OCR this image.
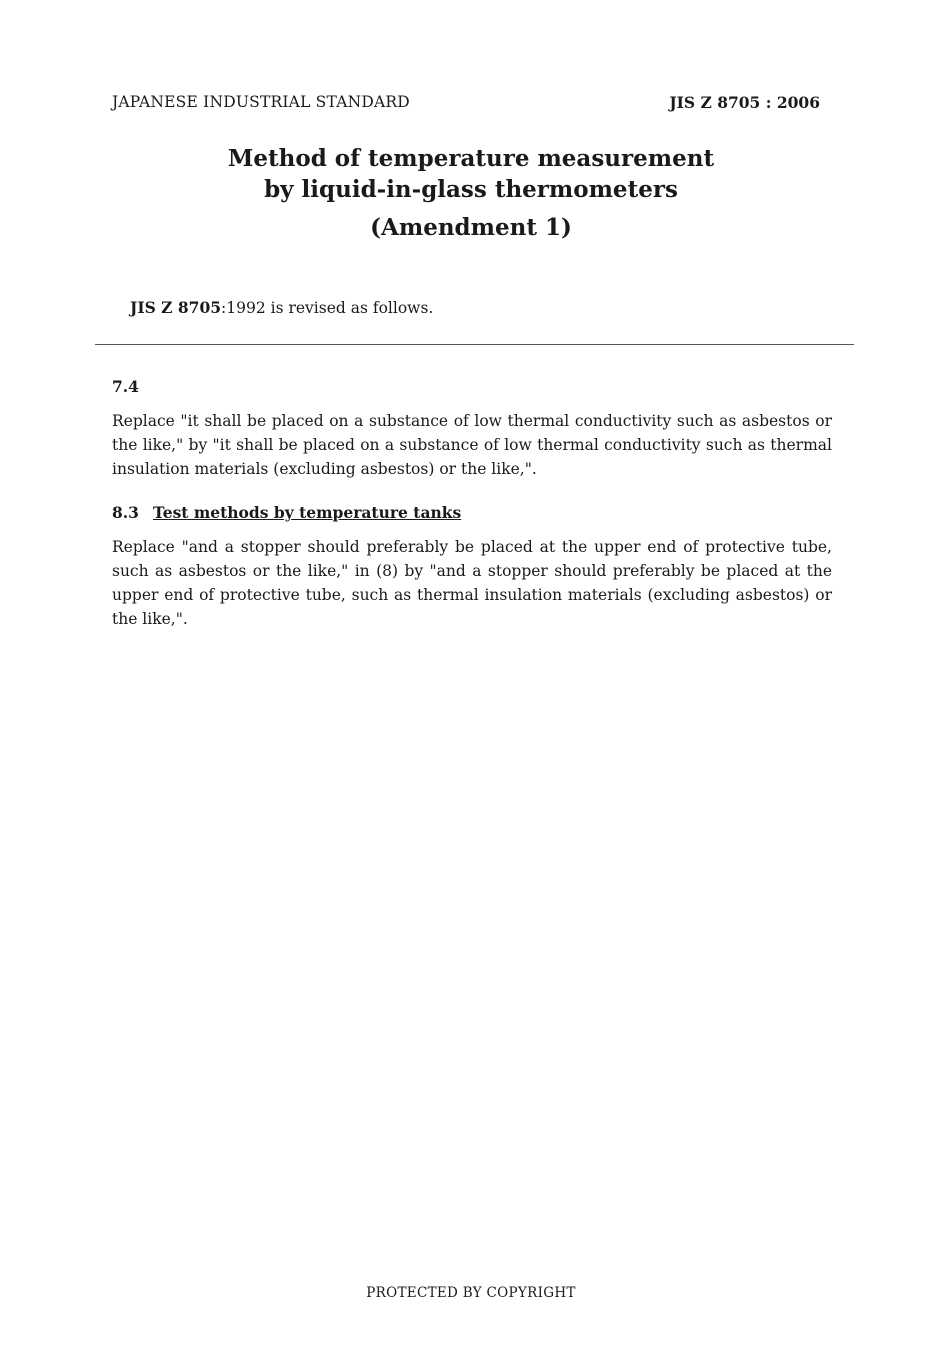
JAPANESE INDUSTRIAL STANDARD	JIS Z 8705 : 2006
Method of temperature measurement
by liquid-in-glass thermometers
(Amendment 1)
JIS Z 8705:1992 is revised as follows.
7.4
Replace "it shall be placed on a substance of low thermal conductivity such as asbestos or the like," by "it shall be placed on a substance of low thermal conductivity such as thermal insulation materials (excluding asbestos) or the like,".
8.3 Test methods by temperature tanks
Replace "and a stopper should preferably be placed at the upper end of protective tube, such as asbestos or the like," in (8) by "and a stopper should preferably be placed at the upper end of protective tube, such as thermal insulation materials (excluding asbestos) or the like,".
PROTECTED BY COPYRIGHT
